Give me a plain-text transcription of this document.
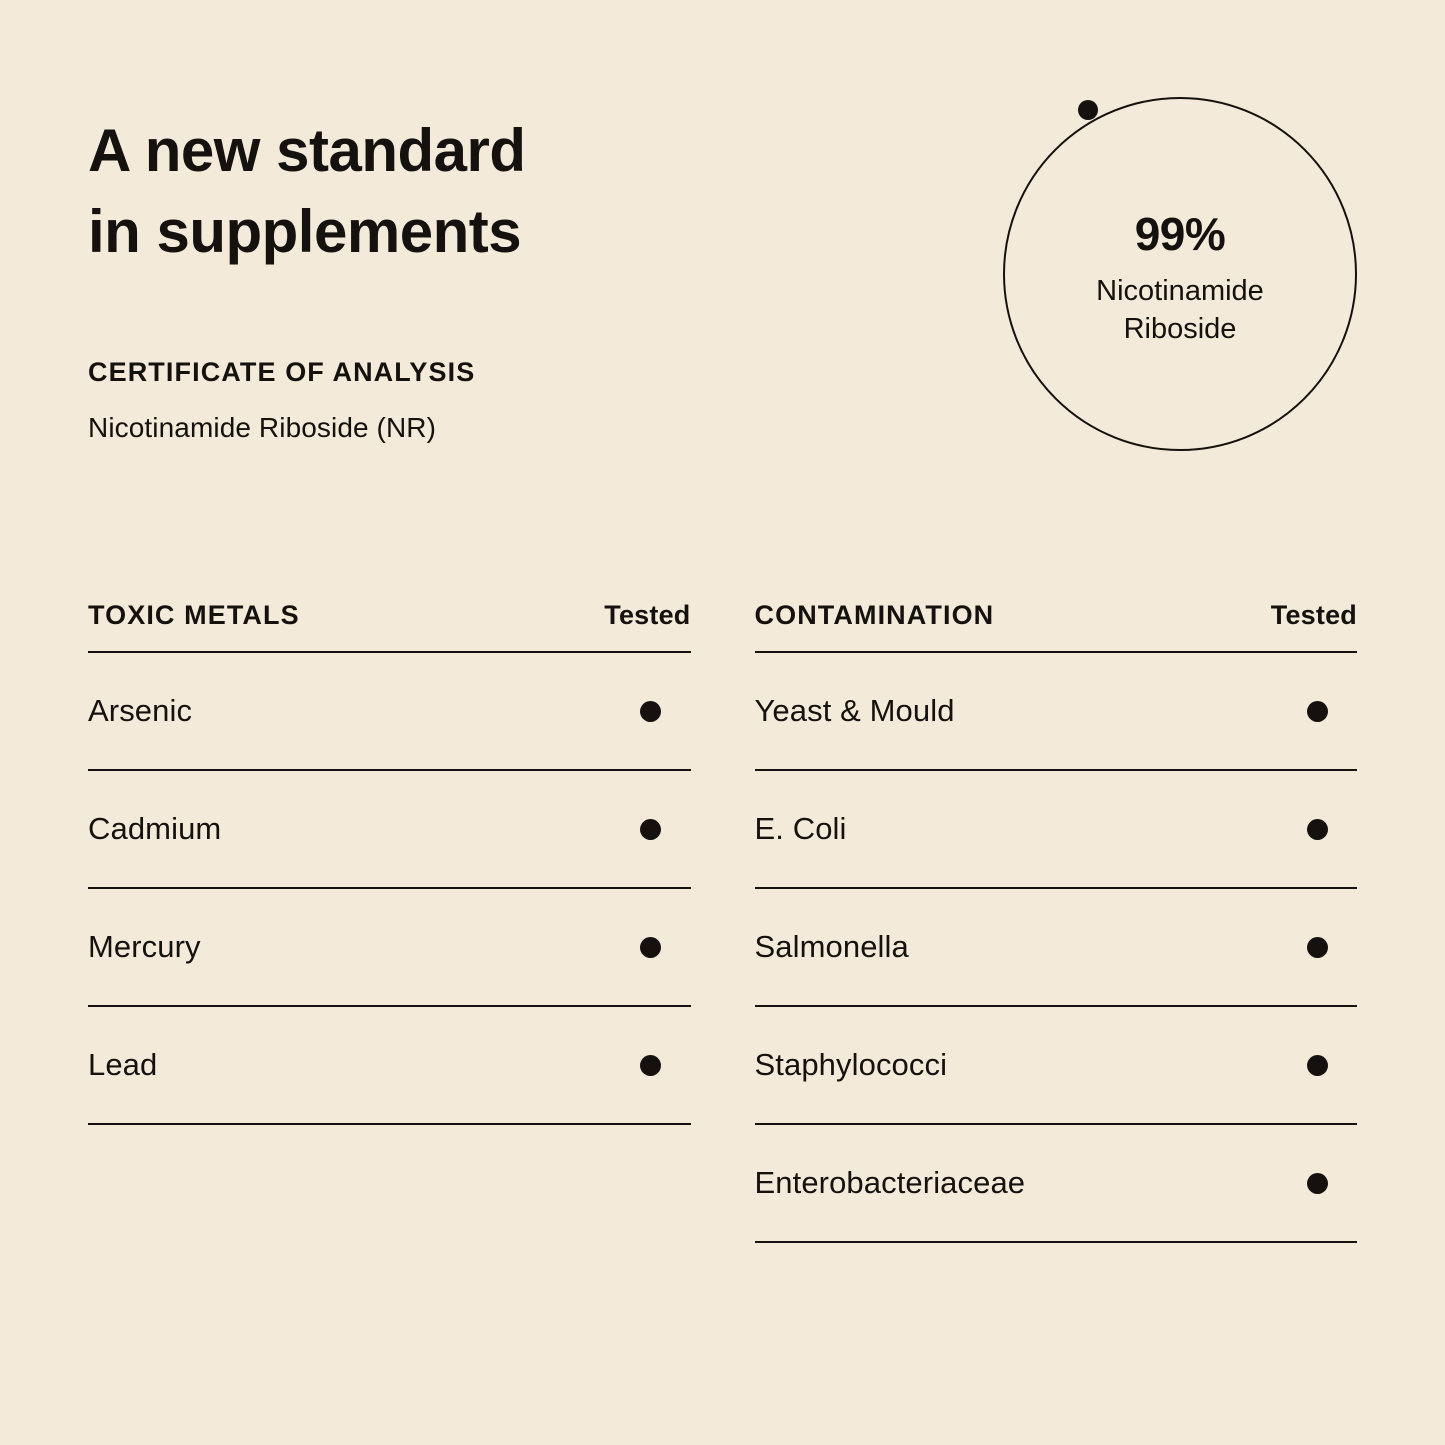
A new standard
in supplements
CERTIFICATE OF ANALYSIS
Nicotinamide Riboside (NR)
99%
Nicotinamide Riboside
TOXIC METALS	Tested
Arsenic
Cadmium
Mercury
Lead
CONTAMINATION	Tested
Yeast & Mould
E. Coli
Salmonella
Staphylococci
Enterobacteriaceae
